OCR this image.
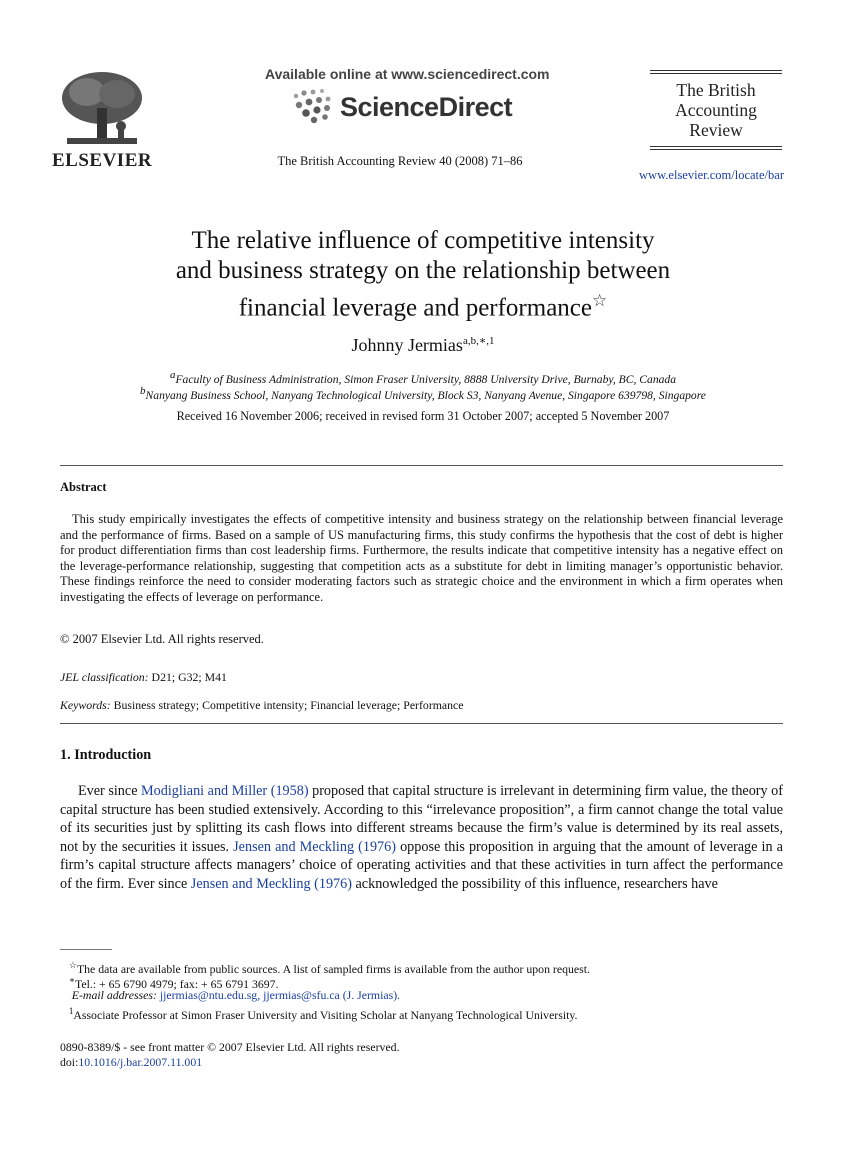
ELSEVIER
Available online at www.sciencedirect.com
ScienceDirect
The British Accounting Review 40 (2008) 71–86
The British
Accounting
Review
www.elsevier.com/locate/bar
The relative influence of competitive intensity
and business strategy on the relationship between
financial leverage and performance☆
Johnny Jermias$^{a,b,∗,1}$
$^a$Faculty of Business Administration, Simon Fraser University, 8888 University Drive, Burnaby, BC, Canada
$^b$Nanyang Business School, Nanyang Technological University, Block S3, Nanyang Avenue, Singapore 639798, Singapore
Received 16 November 2006; received in revised form 31 October 2007; accepted 5 November 2007
Abstract
This study empirically investigates the effects of competitive intensity and business strategy on the relationship between financial leverage and the performance of firms. Based on a sample of US manufacturing firms, this study confirms the hypothesis that the cost of debt is higher for product differentiation firms than cost leadership firms. Furthermore, the results indicate that competitive intensity has a negative effect on the leverage-performance relationship, suggesting that competition acts as a substitute for debt in limiting manager’s opportunistic behavior. These findings reinforce the need to consider moderating factors such as strategic choice and the environment in which a firm operates when investigating the effects of leverage on performance.
© 2007 Elsevier Ltd. All rights reserved.
JEL classification: D21; G32; M41
Keywords: Business strategy; Competitive intensity; Financial leverage; Performance
1. Introduction
Ever since Modigliani and Miller (1958) proposed that capital structure is irrelevant in determining firm value, the theory of capital structure has been studied extensively. According to this “irrelevance proposition”, a firm cannot change the total value of its securities just by splitting its cash flows into different streams because the firm’s value is determined by its real assets, not by the securities it issues. Jensen and Meckling (1976) oppose this proposition in arguing that the amount of leverage in a firm’s capital structure affects managers’ choice of operating activities and that these activities in turn affect the performance of the firm. Ever since Jensen and Meckling (1976) acknowledged the possibility of this influence, researchers have
☆The data are available from public sources. A list of sampled firms is available from the author upon request.
∗Tel.: + 65 6790 4979; fax: + 65 6791 3697.
E-mail addresses: jjermias@ntu.edu.sg, jjermias@sfu.ca (J. Jermias).
$^1$Associate Professor at Simon Fraser University and Visiting Scholar at Nanyang Technological University.
0890-8389/$ - see front matter © 2007 Elsevier Ltd. All rights reserved.
doi:10.1016/j.bar.2007.11.001
